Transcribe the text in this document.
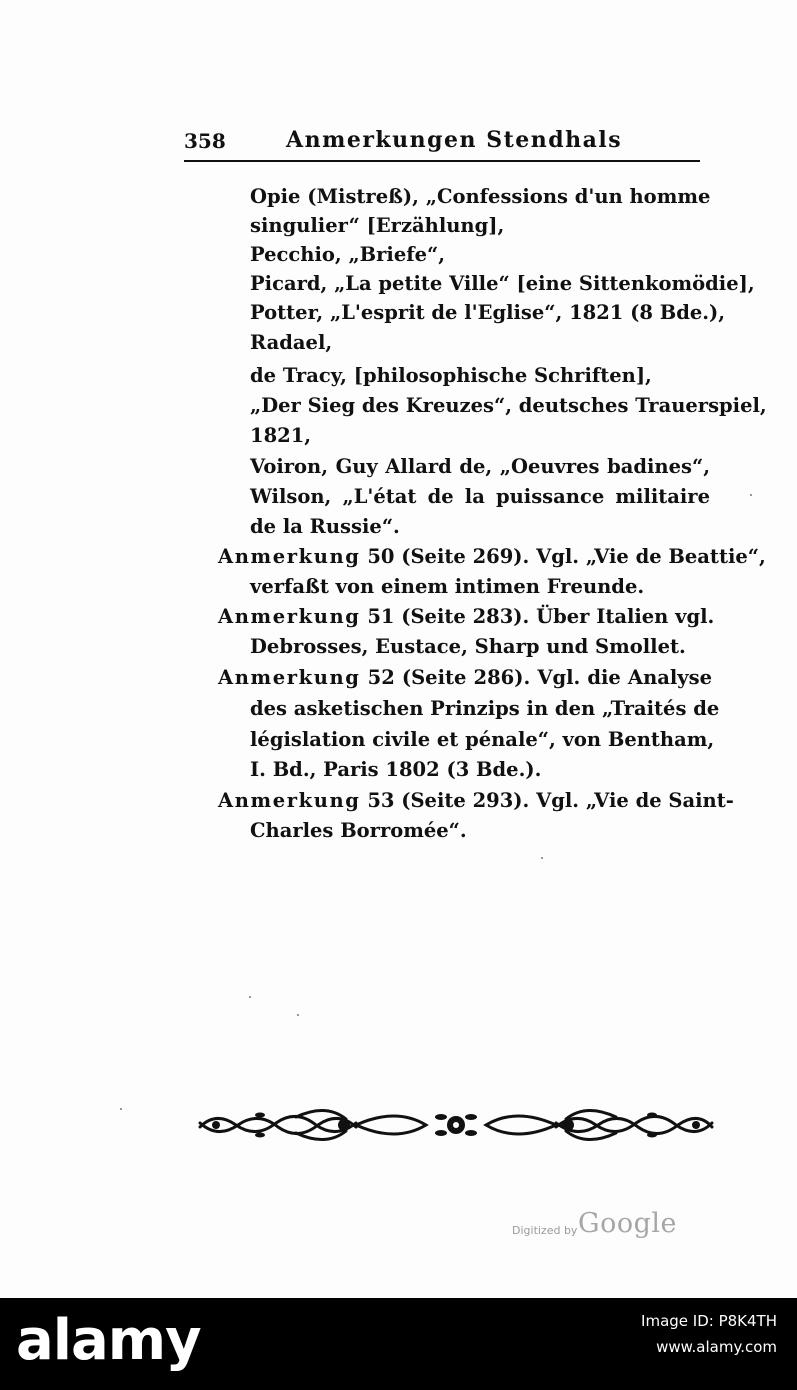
358	Anmerkungen Stendhals
Opie (Mistreß), „Confessions d'un homme
singulier“ [Erzählung],
Pecchio, „Briefe“,
Picard, „La petite Ville“ [eine Sittenkomödie],
Potter, „L'esprit de l'Eglise“, 1821 (8 Bde.),
Radael,
de Tracy, [philosophische Schriften],
„Der Sieg des Kreuzes“, deutsches Trauerspiel,
1821,
Voiron, Guy Allard de, „Oeuvres badines“,
Wilson, „L'état de la puissance militaire
de la Russie“.
Anmerkung 50 (Seite 269). Vgl. „Vie de Beattie“,
verfaßt von einem intimen Freunde.
Anmerkung 51 (Seite 283). Über Italien vgl.
Debrosses, Eustace, Sharp und Smollet.
Anmerkung 52 (Seite 286). Vgl. die Analyse
des asketischen Prinzips in den „Traités de
législation civile et pénale“, von Bentham,
I. Bd., Paris 1802 (3 Bde.).
Anmerkung 53 (Seite 293). Vgl. „Vie de Saint-
Charles Borromée“.
Digitized by Google
alamy	Image ID: P8K4TH
www.alamy.com
